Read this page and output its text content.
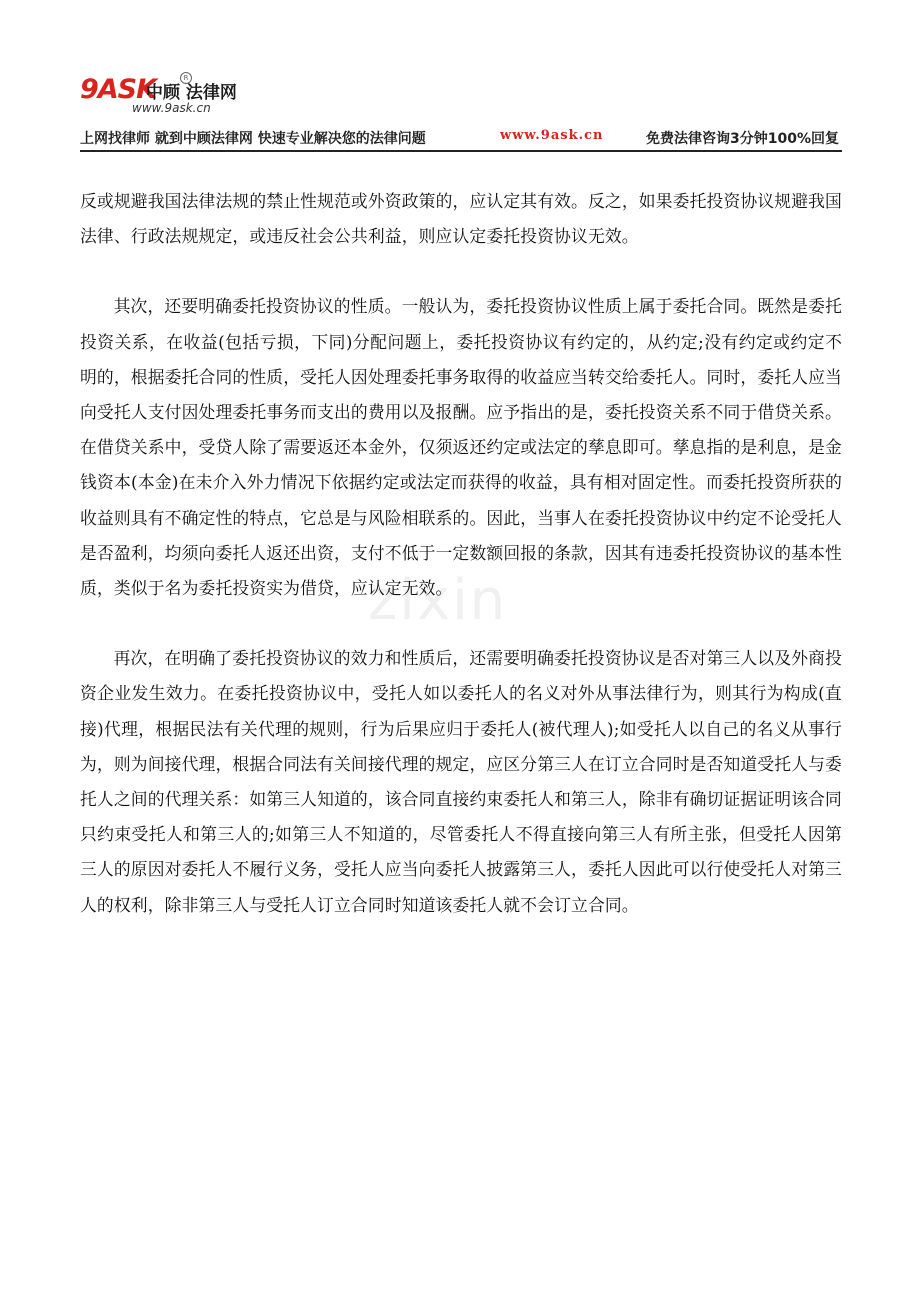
9ASK
中顾 法律网
R
www.9ask.cn
上网找律师 就到中顾法律网 快速专业解决您的法律问题	www.9ask.cn	免费法律咨询3分钟100%回复
zixin

反或规避我国法律法规的禁止性规范或外资政策的，应认定其有效。反之，如果委托投资协议规避我国法律、行政法规规定，或违反社会公共利益，则应认定委托投资协议无效。

其次，还要明确委托投资协议的性质。一般认为，委托投资协议性质上属于委托合同。既然是委托投资关系，在收益(包括亏损，下同)分配问题上，委托投资协议有约定的，从约定;没有约定或约定不明的，根据委托合同的性质，受托人因处理委托事务取得的收益应当转交给委托人。同时，委托人应当向受托人支付因处理委托事务而支出的费用以及报酬。应予指出的是，委托投资关系不同于借贷关系。在借贷关系中，受贷人除了需要返还本金外，仅须返还约定或法定的孳息即可。孳息指的是利息，是金钱资本(本金)在未介入外力情况下依据约定或法定而获得的收益，具有相对固定性。而委托投资所获的收益则具有不确定性的特点，它总是与风险相联系的。因此，当事人在委托投资协议中约定不论受托人是否盈利，均须向委托人返还出资，支付不低于一定数额回报的条款，因其有违委托投资协议的基本性质，类似于名为委托投资实为借贷，应认定无效。

再次，在明确了委托投资协议的效力和性质后，还需要明确委托投资协议是否对第三人以及外商投资企业发生效力。在委托投资协议中，受托人如以委托人的名义对外从事法律行为，则其行为构成(直接)代理，根据民法有关代理的规则，行为后果应归于委托人(被代理人);如受托人以自己的名义从事行为，则为间接代理，根据合同法有关间接代理的规定，应区分第三人在订立合同时是否知道受托人与委托人之间的代理关系：如第三人知道的，该合同直接约束委托人和第三人，除非有确切证据证明该合同只约束受托人和第三人的;如第三人不知道的，尽管委托人不得直接向第三人有所主张，但受托人因第三人的原因对委托人不履行义务，受托人应当向委托人披露第三人，委托人因此可以行使受托人对第三人的权利，除非第三人与受托人订立合同时知道该委托人就不会订立合同。
